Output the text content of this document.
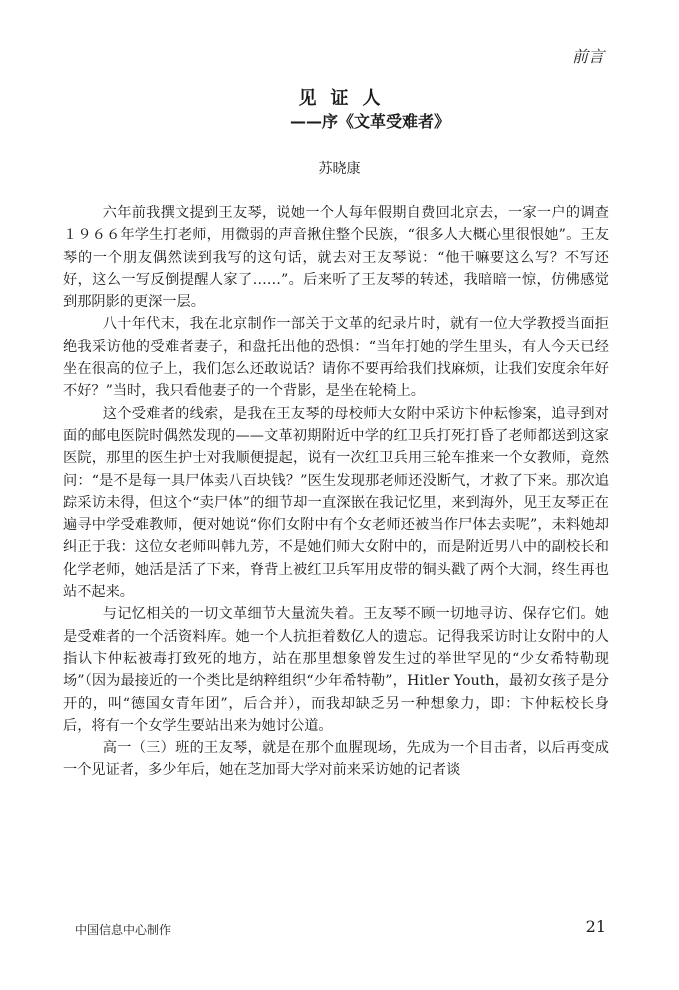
前言
见证人
——序《文革受难者》
苏晓康

六年前我撰文提到王友琴，说她一个人每年假期自费回北京去，一家一户的调查１９６６年学生打老师，用微弱的声音揪住整个民族，“很多人大概心里很恨她”。王友琴的一个朋友偶然读到我写的这句话，就去对王友琴说：“他干嘛要这么写？不写还好，这么一写反倒提醒人家了……”。后来听了王友琴的转述，我暗暗一惊，仿佛感觉到那阴影的更深一层。

八十年代末，我在北京制作一部关于文革的纪录片时，就有一位大学教授当面拒绝我采访他的受难者妻子，和盘托出他的恐惧：“当年打她的学生里头，有人今天已经坐在很高的位子上，我们怎么还敢说话？请你不要再给我们找麻烦，让我们安度余年好不好？”当时，我只看他妻子的一个背影，是坐在轮椅上。

这个受难者的线索，是我在王友琴的母校师大女附中采访卞仲耘惨案，追寻到对面的邮电医院时偶然发现的——文革初期附近中学的红卫兵打死打昏了老师都送到这家医院，那里的医生护士对我顺便提起，说有一次红卫兵用三轮车推来一个女教师，竟然问：“是不是每一具尸体卖八百块钱？”医生发现那老师还没断气，才救了下来。那次追踪采访未得，但这个“卖尸体”的细节却一直深嵌在我记忆里，来到海外，见王友琴正在遍寻中学受难教师，便对她说“你们女附中有个女老师还被当作尸体去卖呢”，未料她却纠正于我：这位女老师叫韩九芳，不是她们师大女附中的，而是附近男八中的副校长和化学老师，她活是活了下来，脊背上被红卫兵军用皮带的铜头戳了两个大洞，终生再也站不起来。

与记忆相关的一切文革细节大量流失着。王友琴不顾一切地寻访、保存它们。她是受难者的一个活资料库。她一个人抗拒着数亿人的遗忘。记得我采访时让女附中的人指认卞仲耘被毒打致死的地方，站在那里想象曾发生过的举世罕见的“少女希特勒现场”（因为最接近的一个类比是纳粹组织“少年希特勒”，Hitler Youth，最初女孩子是分开的，叫“德国女青年团”，后合并），而我却缺乏另一种想象力，即：卞仲耘校长身后，将有一个女学生要站出来为她讨公道。

高一（三）班的王友琴，就是在那个血腥现场，先成为一个目击者，以后再变成一个见证者，多少年后，她在芝加哥大学对前来采访她的记者谈

中国信息中心制作	21
